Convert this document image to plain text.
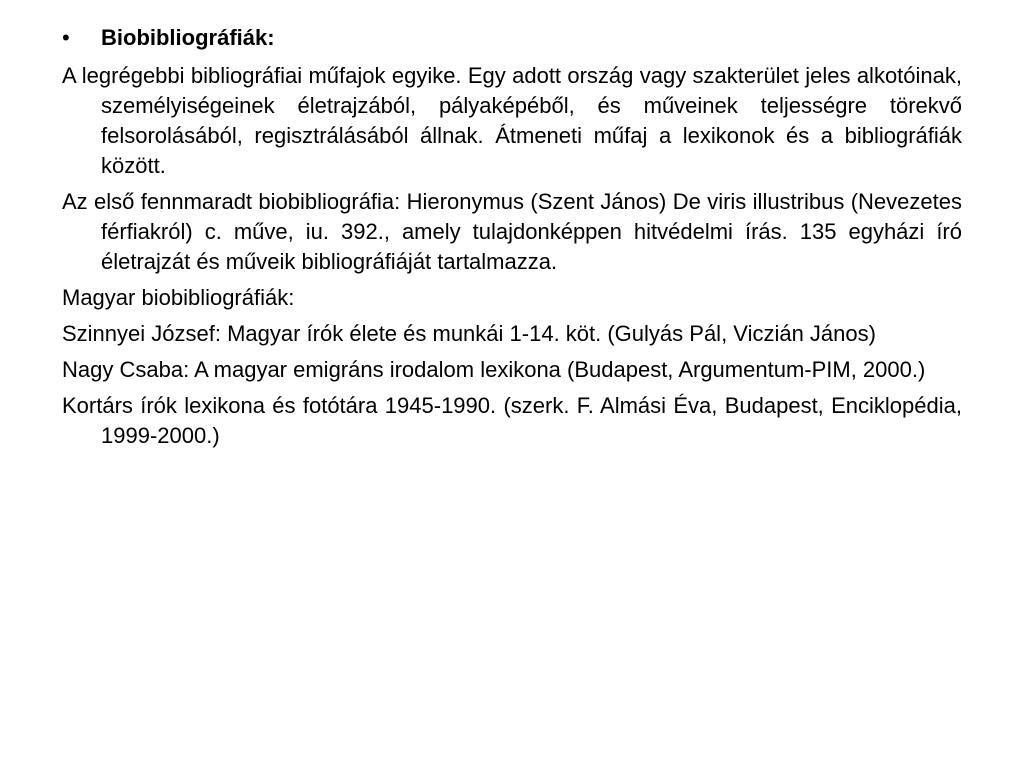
•	Biobibliográfiák:

A legrégebbi bibliográfiai műfajok egyike. Egy adott ország vagy szakterület jeles alkotóinak, személyiségeinek életrajzából, pályaképéből, és műveinek teljességre törekvő felsorolásából, regisztrálásából állnak. Átmeneti műfaj a lexikonok és a bibliográfiák között.

Az első fennmaradt biobibliográfia: Hieronymus (Szent János) De viris illustribus (Nevezetes férfiakról) c. műve, iu. 392., amely tulajdonképpen hitvédelmi írás. 135 egyházi író életrajzát és műveik bibliográfiáját tartalmazza.

Magyar biobibliográfiák:

Szinnyei József: Magyar írók élete és munkái 1-14. köt. (Gulyás Pál, Viczián János)

Nagy Csaba: A magyar emigráns irodalom lexikona (Budapest, Argumentum-PIM, 2000.)

Kortárs írók lexikona és fotótára 1945-1990. (szerk. F. Almási Éva, Budapest, Enciklopédia, 1999-2000.)
